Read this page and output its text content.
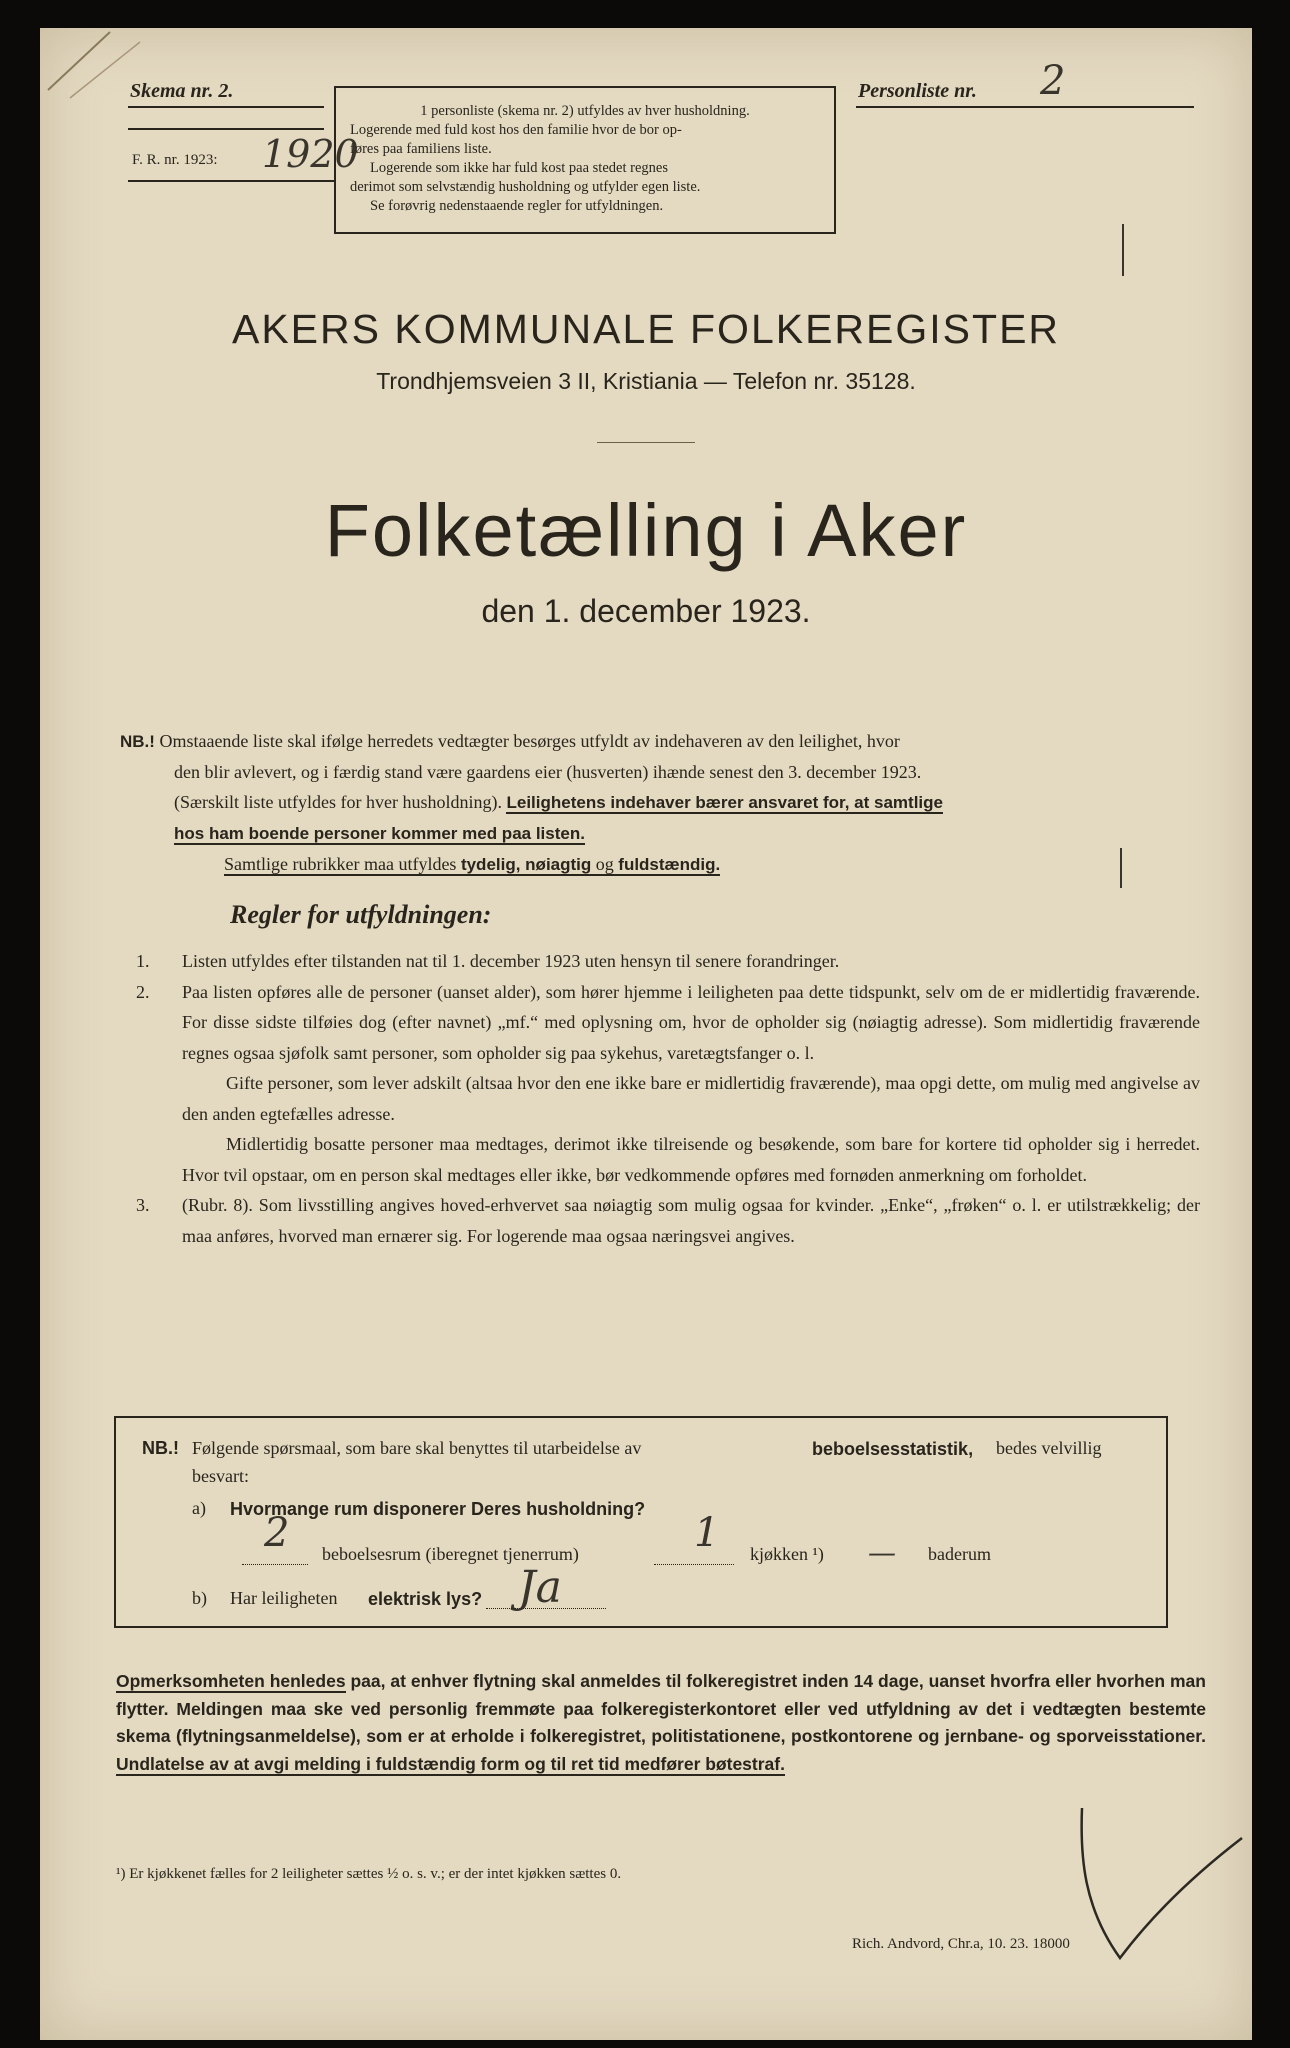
Skema nr. 2.
F. R. nr. 1923: 1920

1 personliste (skema nr. 2) utfyldes av hver husholdning.

Logerende med fuld kost hos den familie hvor de bor op-

føres paa familiens liste.

Logerende som ikke har fuld kost paa stedet regnes

derimot som selvstændig husholdning og utfylder egen liste.

Se forøvrig nedenstaaende regler for utfyldningen.

Personliste nr. 2
AKERS KOMMUNALE FOLKEREGISTER
Trondhjemsveien 3 II, Kristiania — Telefon nr. 35128.
Folketælling i Aker
den 1. december 1923.
NB.! Omstaaende liste skal ifølge herredets vedtægter besørges utfyldt av indehaveren av den leilighet, hvor
den blir avlevert, og i færdig stand være gaardens eier (husverten) ihænde senest den 3. december 1923.
(Særskilt liste utfyldes for hver husholdning). Leilighetens indehaver bærer ansvaret for, at samtlige
hos ham boende personer kommer med paa listen.
Samtlige rubrikker maa utfyldes tydelig, nøiagtig og fuldstændig.
Regler for utfyldningen:
1. Listen utfyldes efter tilstanden nat til 1. december 1923 uten hensyn til senere forandringer.
2. Paa listen opføres alle de personer (uanset alder), som hører hjemme i leiligheten paa dette tidspunkt, selv om de er midlertidig fraværende. For disse sidste tilføies dog (efter navnet) „mf.“ med oplysning om, hvor de opholder sig (nøiagtig adresse). Som midlertidig fraværende regnes ogsaa sjøfolk samt personer, som opholder sig paa sykehus, varetægtsfanger o. l.
Gifte personer, som lever adskilt (altsaa hvor den ene ikke bare er midlertidig fraværende), maa opgi dette, om mulig med angivelse av den anden egtefælles adresse.
Midlertidig bosatte personer maa medtages, derimot ikke tilreisende og besøkende, som bare for kortere tid opholder sig i herredet. Hvor tvil opstaar, om en person skal medtages eller ikke, bør vedkommende opføres med fornøden anmerkning om forholdet.
3. (Rubr. 8). Som livsstilling angives hoved-erhvervet saa nøiagtig som mulig ogsaa for kvinder. „Enke“, „frøken“ o. l. er utilstrækkelig; der maa anføres, hvorved man ernærer sig. For logerende maa ogsaa næringsvei angives.
NB.! Følgende spørsmaal, som bare skal benyttes til utarbeidelse av	beboelsesstatistik, bedes velvillig
besvart:
a) Hvormange rum disponerer Deres husholdning?
2 beboelsesrum (iberegnet tjenerrum)	1 kjøkken ¹) — baderum
b) Har leiligheten elektrisk lys? Ja
Opmerksomheten henledes paa, at enhver flytning skal anmeldes til folkeregistret inden 14 dage, uanset hvorfra eller hvorhen man flytter. Meldingen maa ske ved personlig fremmøte paa folkeregisterkontoret eller ved utfyldning av det i vedtægten bestemte skema (flytningsanmeldelse), som er at erholde i folkeregistret, politistationene, postkontorene og jernbane- og sporveisstationer. Undlatelse av at avgi melding i fuldstændig form og til ret tid medfører bøtestraf.
¹) Er kjøkkenet fælles for 2 leiligheter sættes ½ o. s. v.; er der intet kjøkken sættes 0.
Rich. Andvord, Chr.a, 10. 23. 18000
